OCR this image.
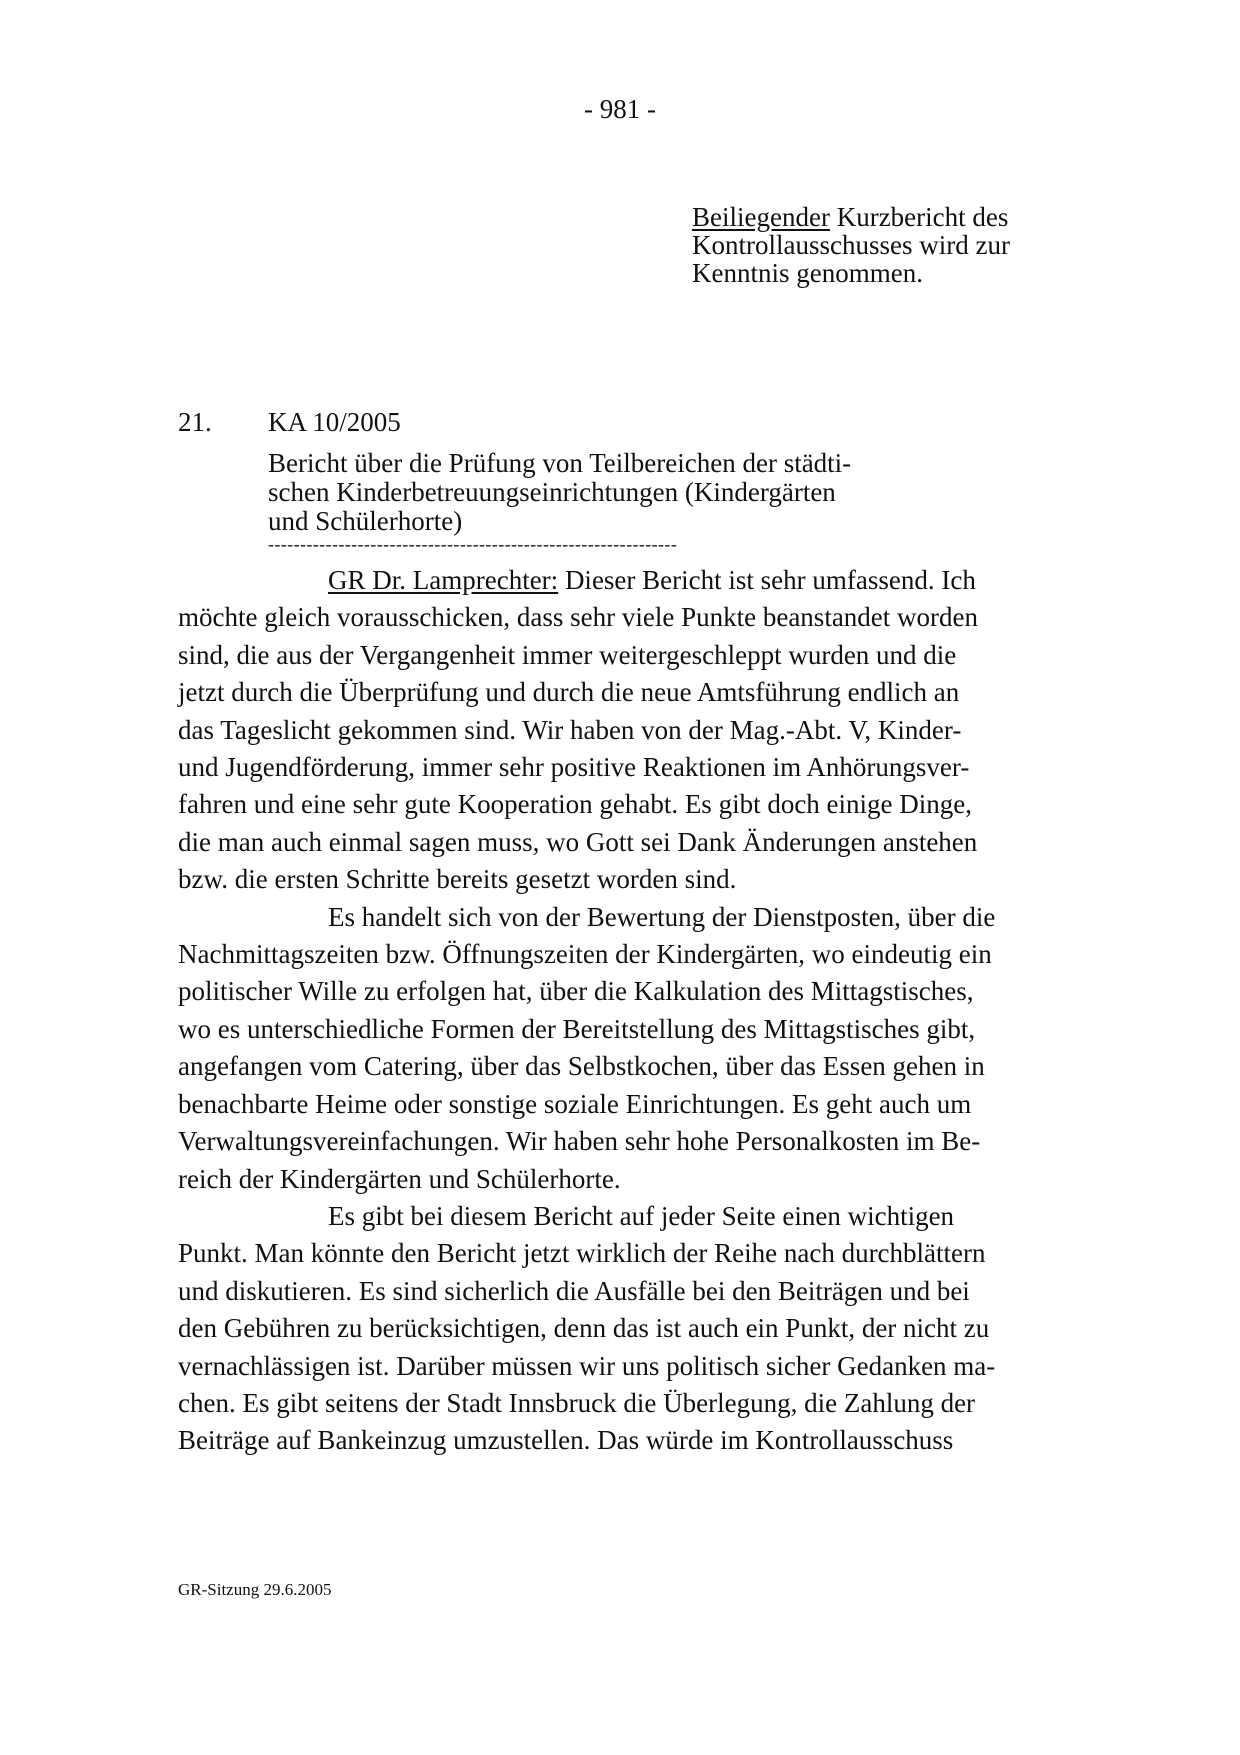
- 981 -
Beiliegender Kurzbericht des
Kontrollausschusses wird zur
Kenntnis genommen.
21. KA 10/2005
Bericht über die Prüfung von Teilbereichen der städti-
schen Kinderbetreuungseinrichtungen (Kindergärten
und Schülerhorte)
----------------------------------------------------------------
GR Dr. Lamprechter: Dieser Bericht ist sehr umfassend. Ich
möchte gleich vorausschicken, dass sehr viele Punkte beanstandet worden
sind, die aus der Vergangenheit immer weitergeschleppt wurden und die
jetzt durch die Überprüfung und durch die neue Amtsführung endlich an
das Tageslicht gekommen sind. Wir haben von der Mag.-Abt. V, Kinder-
und Jugendförderung, immer sehr positive Reaktionen im Anhörungsver-
fahren und eine sehr gute Kooperation gehabt. Es gibt doch einige Dinge,
die man auch einmal sagen muss, wo Gott sei Dank Änderungen anstehen
bzw. die ersten Schritte bereits gesetzt worden sind.
Es handelt sich von der Bewertung der Dienstposten, über die
Nachmittagszeiten bzw. Öffnungszeiten der Kindergärten, wo eindeutig ein
politischer Wille zu erfolgen hat, über die Kalkulation des Mittagstisches,
wo es unterschiedliche Formen der Bereitstellung des Mittagstisches gibt,
angefangen vom Catering, über das Selbstkochen, über das Essen gehen in
benachbarte Heime oder sonstige soziale Einrichtungen. Es geht auch um
Verwaltungsvereinfachungen. Wir haben sehr hohe Personalkosten im Be-
reich der Kindergärten und Schülerhorte.
Es gibt bei diesem Bericht auf jeder Seite einen wichtigen
Punkt. Man könnte den Bericht jetzt wirklich der Reihe nach durchblättern
und diskutieren. Es sind sicherlich die Ausfälle bei den Beiträgen und bei
den Gebühren zu berücksichtigen, denn das ist auch ein Punkt, der nicht zu
vernachlässigen ist. Darüber müssen wir uns politisch sicher Gedanken ma-
chen. Es gibt seitens der Stadt Innsbruck die Überlegung, die Zahlung der
Beiträge auf Bankeinzug umzustellen. Das würde im Kontrollausschuss
GR-Sitzung 29.6.2005
